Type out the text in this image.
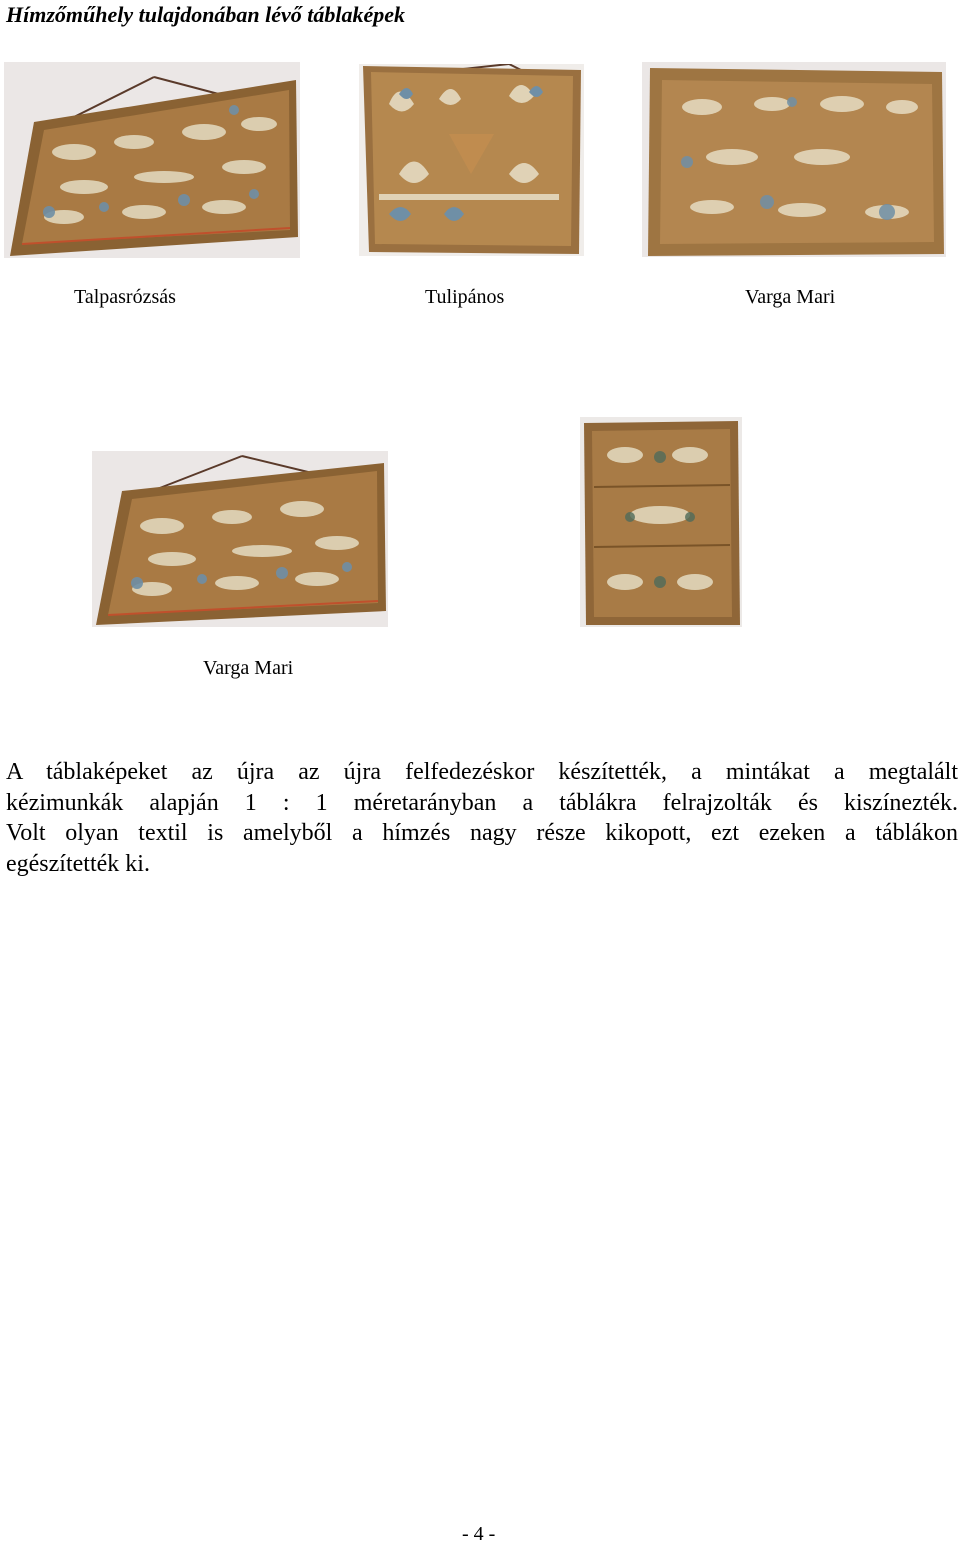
Hímzőműhely tulajdonában lévő táblaképek
Talpasrózsás	Tulipános	Varga Mari
Varga Mari
A táblaképeket az újra az újra felfedezéskor készítették, a mintákat a megtalált
kézimunkák alapján 1 : 1 méretarányban a táblákra felrajzolták és kiszínezték.
Volt olyan textil is amelyből a hímzés nagy része kikopott, ezt ezeken a táblákon
egészítették ki.
- 4 -
